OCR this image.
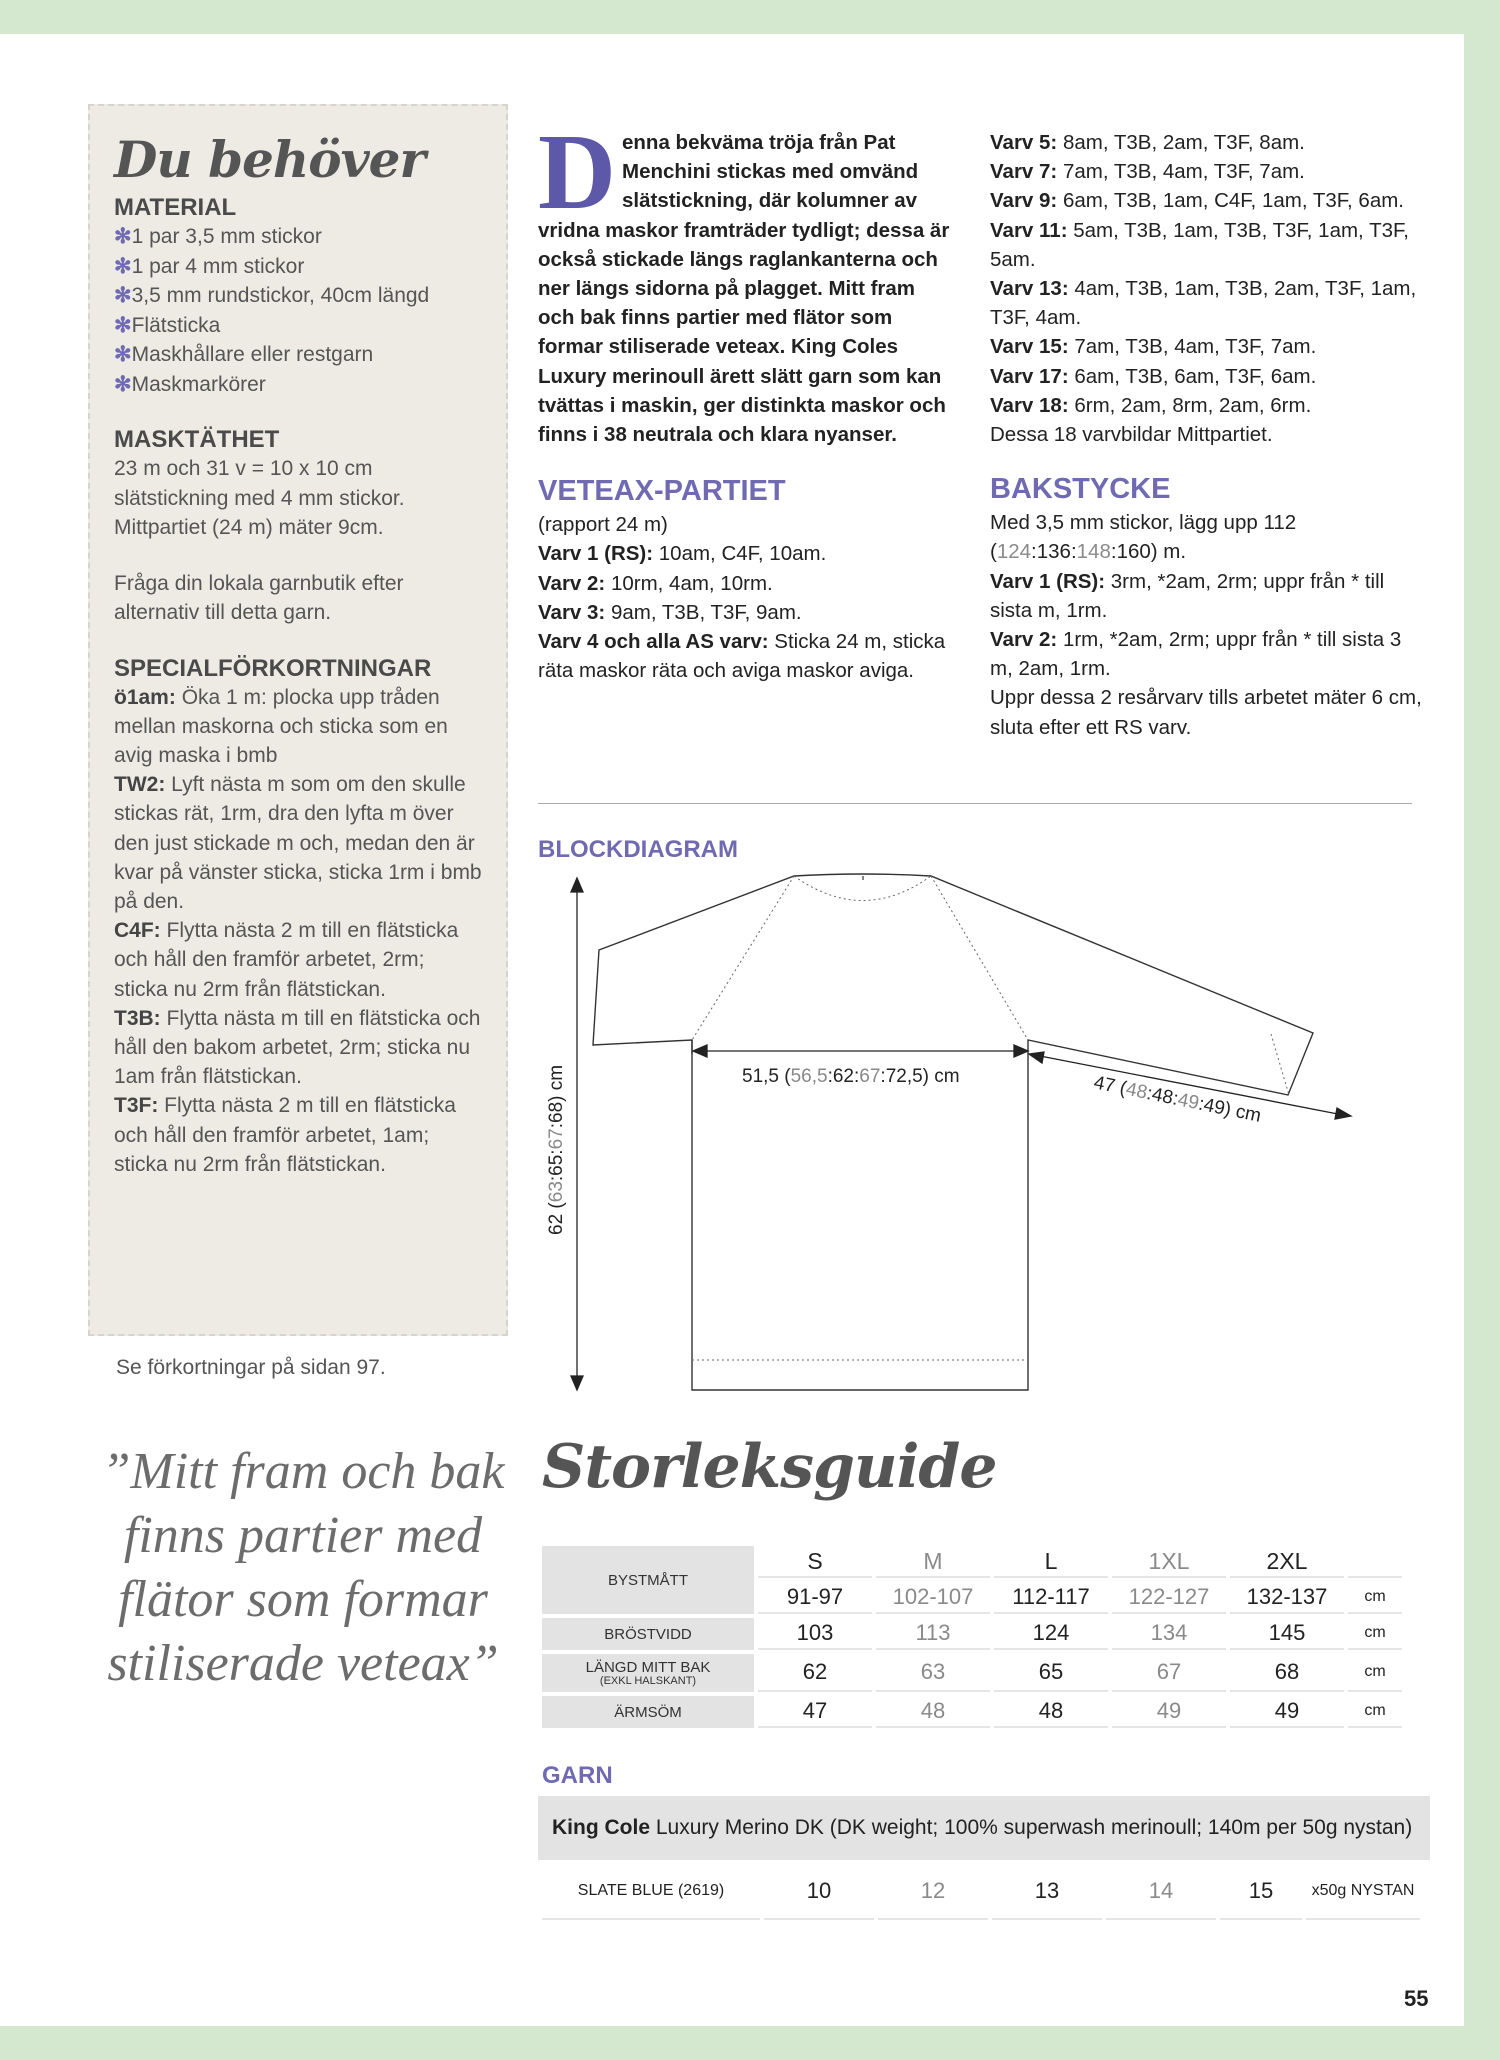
Du behöver

MATERIAL

✻1 par 3,5 mm stickor
✻1 par 4 mm stickor
✻3,5 mm rundstickor, 40cm längd
✻Flätsticka
✻Maskhållare eller restgarn
✻Maskmarkörer

MASKTÄTHET

23 m och 31 v = 10 x 10 cm slätstickning med 4 mm stickor. Mittpartiet (24 m) mäter 9cm.

Fråga din lokala garnbutik efter alternativ till detta garn.

SPECIALFÖRKORTNINGAR

ö1am: Öka 1 m: plocka upp tråden mellan maskorna och sticka som en avig maska i bmb

TW2: Lyft nästa m som om den skulle stickas rät, 1rm, dra den lyfta m över den just stickade m och, medan den är kvar på vänster sticka, sticka 1rm i bmb på den.

C4F: Flytta nästa 2 m till en flätsticka och håll den framför arbetet, 2rm; sticka nu 2rm från flätstickan.

T3B: Flytta nästa m till en flätsticka och håll den bakom arbetet, 2rm; sticka nu 1am från flätstickan.

T3F: Flytta nästa 2 m till en flätsticka och håll den framför arbetet, 1am; sticka nu 2rm från flätstickan.

Se förkortningar på sidan 97.

Denna bekväma tröja från Pat Menchini stickas med omvänd slätstickning, där kolumner av vridna maskor framträder tydligt; dessa är också stickade längs raglankanterna och ner längs sidorna på plagget. Mitt fram och bak finns partier med flätor som formar stiliserade veteax. King Coles Luxury merinoull ärett slätt garn som kan tvättas i maskin, ger distinkta maskor och finns i 38 neutrala och klara nyanser.

VETEAX-PARTIET

(rapport 24 m)

Varv 1 (RS): 10am, C4F, 10am.

Varv 2: 10rm, 4am, 10rm.

Varv 3: 9am, T3B, T3F, 9am.

Varv 4 och alla AS varv: Sticka 24 m, sticka räta maskor räta och aviga maskor aviga.

Varv 5: 8am, T3B, 2am, T3F, 8am.

Varv 7: 7am, T3B, 4am, T3F, 7am.

Varv 9: 6am, T3B, 1am, C4F, 1am, T3F, 6am.

Varv 11: 5am, T3B, 1am, T3B, T3F, 1am, T3F, 5am.

Varv 13: 4am, T3B, 1am, T3B, 2am, T3F, 1am, T3F, 4am.

Varv 15: 7am, T3B, 4am, T3F, 7am.

Varv 17: 6am, T3B, 6am, T3F, 6am.

Varv 18: 6rm, 2am, 8rm, 2am, 6rm.

Dessa 18 varvbildar Mittpartiet.

BAKSTYCKE

Med 3,5 mm stickor, lägg upp 112 (124:136:148:160) m.

Varv 1 (RS): 3rm, *2am, 2rm; uppr från * till sista m, 1rm.

Varv 2: 1rm, *2am, 2rm; uppr från * till sista 3 m, 2am, 1rm.

Uppr dessa 2 resårvarv tills arbetet mäter 6 cm, sluta efter ett RS varv.

BLOCKDIAGRAM
51,5 (56,5:62:67:72,5) cm	47 (48:48:49:49) cm
62 (63:65:67:68) cm
”Mitt fram och bak finns partier med flätor som formar stiliserade veteax”
Storleksguide
BYSTMÅTT	S	M	L	1XL	2XL	
	91-97	102-107	112-117	122-127	132-137	cm
BRÖSTVIDD	103	113	124	134	145	cm
LÄNGD MITT BAK
(EXKL HALSKANT)	62	63	65	67	68	cm
ÄRMSÖM	47	48	48	49	49	cm
GARN
King Cole Luxury Merino DK (DK weight; 100% superwash merinoull; 140m per 50g nystan)
SLATE BLUE (2619)	10	12	13	14	15	x50g NYSTAN
55
